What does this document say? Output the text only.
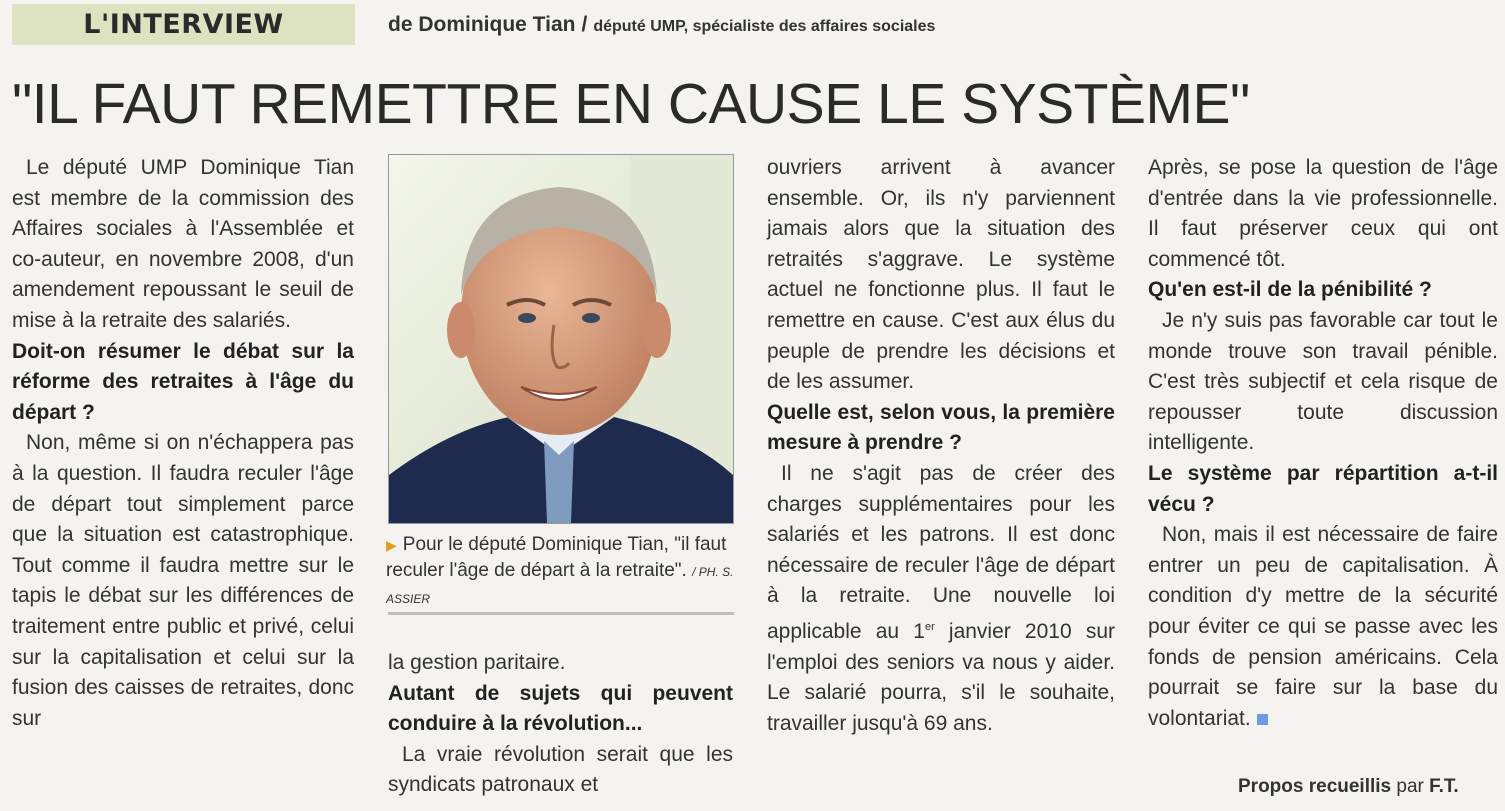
L'INTERVIEW	de Dominique Tian / député UMP, spécialiste des affaires sociales
"IL FAUT REMETTRE EN CAUSE LE SYSTÈME"

Le député UMP Dominique Tian est membre de la commission des Affaires sociales à l'Assemblée et co-auteur, en novembre 2008, d'un amendement repoussant le seuil de mise à la retraite des salariés.

Doit-on résumer le débat sur la réforme des retraites à l'âge du départ ?

Non, même si on n'échappera pas à la question. Il faudra reculer l'âge de départ tout simplement parce que la situation est catastrophique. Tout comme il faudra mettre sur le tapis le débat sur les différences de traitement entre public et privé, celui sur la capitalisation et celui sur la fusion des caisses de retraites, donc sur

▶ Pour le député Dominique Tian, "il faut reculer l'âge de départ à la retraite". / PH. S. ASSIER

la gestion paritaire.

Autant de sujets qui peuvent conduire à la révolution...

La vraie révolution serait que les syndicats patronaux et

ouvriers arrivent à avancer ensemble. Or, ils n'y parviennent jamais alors que la situation des retraités s'aggrave. Le système actuel ne fonctionne plus. Il faut le remettre en cause. C'est aux élus du peuple de prendre les décisions et de les assumer.

Quelle est, selon vous, la première mesure à prendre ?

Il ne s'agit pas de créer des charges supplémentaires pour les salariés et les patrons. Il est donc nécessaire de reculer l'âge de départ à la retraite. Une nouvelle loi applicable au 1er janvier 2010 sur l'emploi des seniors va nous y aider. Le salarié pourra, s'il le souhaite, travailler jusqu'à 69 ans.

Après, se pose la question de l'âge d'entrée dans la vie professionnelle. Il faut préserver ceux qui ont commencé tôt.

Qu'en est-il de la pénibilité ?

Je n'y suis pas favorable car tout le monde trouve son travail pénible. C'est très subjectif et cela risque de repousser toute discussion intelligente.

Le système par répartition a-t-il vécu ?

Non, mais il est nécessaire de faire entrer un peu de capitalisation. À condition d'y mettre de la sécurité pour éviter ce qui se passe avec les fonds de pension américains. Cela pourrait se faire sur la base du volontariat.

Propos recueillis par F.T.
